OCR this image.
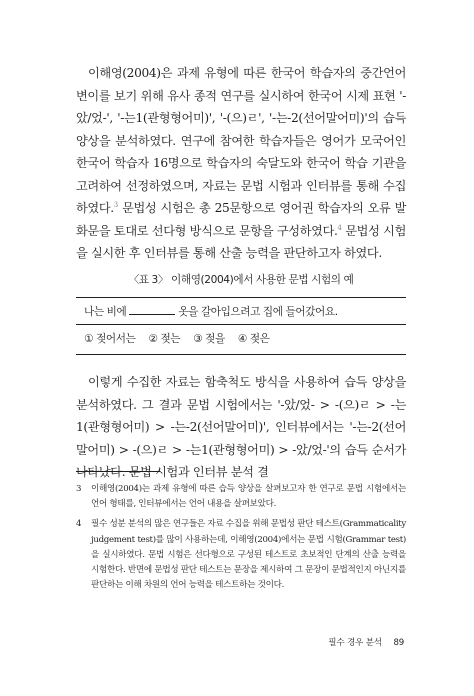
이해영(2004)은 과제 유형에 따른 한국어 학습자의 중간언어 변이를 보기 위해 유사 종적 연구를 실시하여 한국어 시제 표현 '-았/었-', '-는1(관형형어미)', '-(으)ㄹ', '-는-2(선어말어미)'의 습득 양상을 분석하였다. 연구에 참여한 학습자들은 영어가 모국어인 한국어 학습자 16명으로 학습자의 숙달도와 한국어 학습 기관을 고려하여 선정하였으며, 자료는 문법 시험과 인터뷰를 통해 수집하였다.$^3$ 문법성 시험은 총 25문항으로 영어권 학습자의 오류 발화문을 토대로 선다형 방식으로 문항을 구성하였다.$^4$ 문법성 시험을 실시한 후 인터뷰를 통해 산출 능력을 판단하고자 하였다.

〈표 3〉 이해영(2004)에서 사용한 문법 시험의 예
나는 비에	옷을 갈아입으려고 집에 들어갔어요.
① 젖어서는 ② 젖는 ③ 젖을 ④ 젖은

이렇게 수집한 자료는 함축척도 방식을 사용하여 습득 양상을 분석하였다. 그 결과 문법 시험에서는 '-았/었- > -(으)ㄹ > -는1(관형형어미) > -는-2(선어말어미)', 인터뷰에서는 '-는-2(선어말어미) > -(으)ㄹ > -는1(관형형어미) > -았/었-'의 습득 순서가 나타났다. 문법 시험과 인터뷰 분석 결

3 이해영(2004)는 과제 유형에 따른 습득 양상을 살펴보고자 한 연구로 문법 시험에서는 언어 형태를, 인터뷰에서는 언어 내용을 살펴보았다.
4 필수 성분 분석의 많은 연구들은 자료 수집을 위해 문법성 판단 테스트(Grammaticality judgement test)를 많이 사용하는데, 이해영(2004)에서는 문법 시험(Grammar test)을 실시하였다. 문법 시험은 선다형으로 구성된 테스트로 초보적인 단계의 산출 능력을 시험한다. 반면에 문법성 판단 테스트는 문장을 제시하여 그 문장이 문법적인지 아닌지를 판단하는 이해 차원의 언어 능력을 테스트하는 것이다.
필수 경우 분석 89
